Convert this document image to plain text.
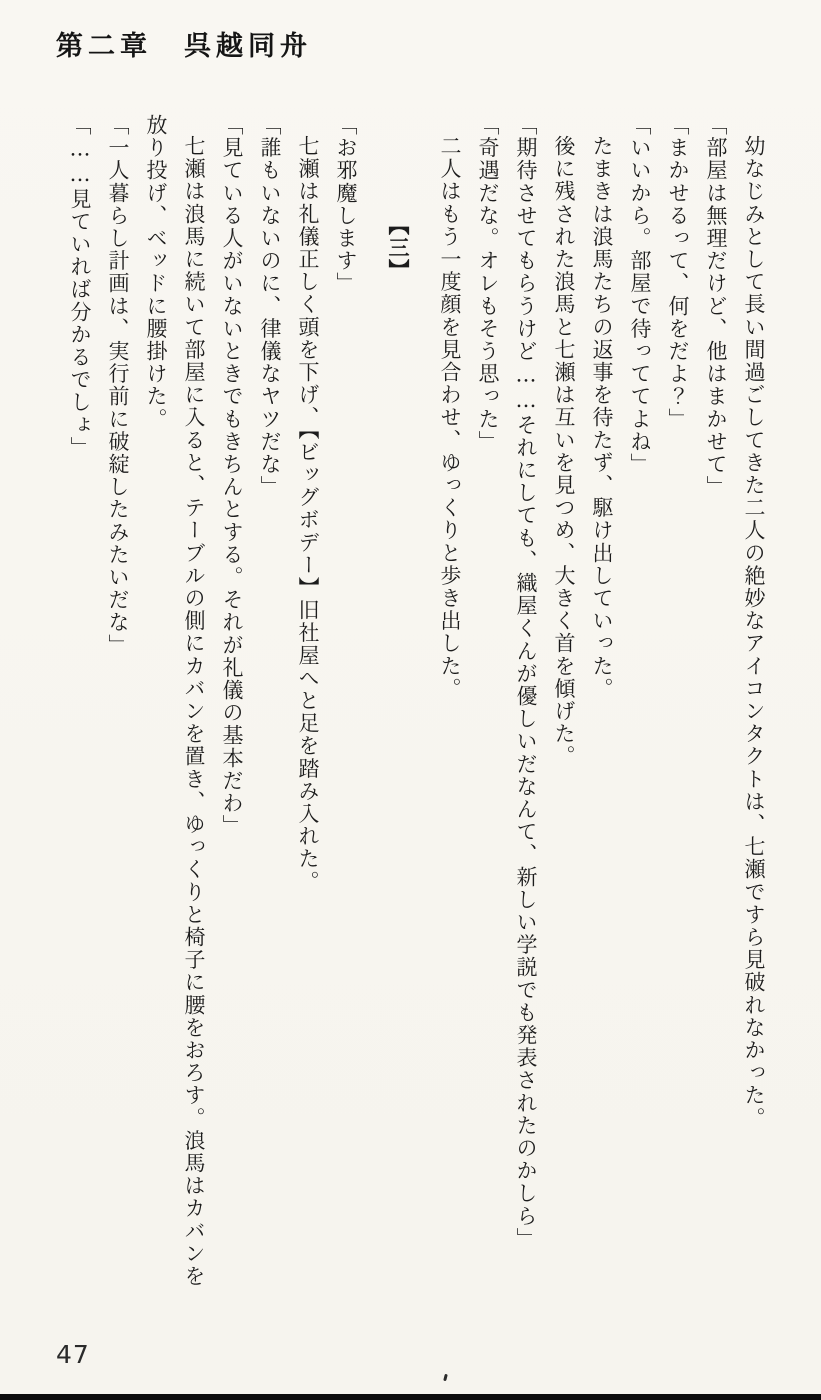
第二章　呉越同舟

幼なじみとして長い間過ごしてきた二人の絶妙なアイコンタクトは、七瀬ですら見破れなかった。

「部屋は無理だけど、他はまかせて」

「まかせるって、何をだよ？」

「いいから。部屋で待っててよね」

たまきは浪馬たちの返事を待たず、駆け出していった。

後に残された浪馬と七瀬は互いを見つめ、大きく首を傾げた。

「期待させてもらうけど……それにしても、織屋くんが優しいだなんて、新しい学説でも発表されたのかしら」

「奇遇だな。オレもそう思った」

二人はもう一度顔を見合わせ、ゆっくりと歩き出した。

【三】

「お邪魔します」

七瀬は礼儀正しく頭を下げ、【ビッグボデー】旧社屋へと足を踏み入れた。

「誰もいないのに、律儀なヤツだな」

「見ている人がいないときでもきちんとする。それが礼儀の基本だわ」

七瀬は浪馬に続いて部屋に入ると、テーブルの側にカバンを置き、ゆっくりと椅子に腰をおろす。浪馬はカバンを放り投げ、ベッドに腰掛けた。

「一人暮らし計画は、実行前に破綻したみたいだな」

「……見ていれば分かるでしょ」

47
